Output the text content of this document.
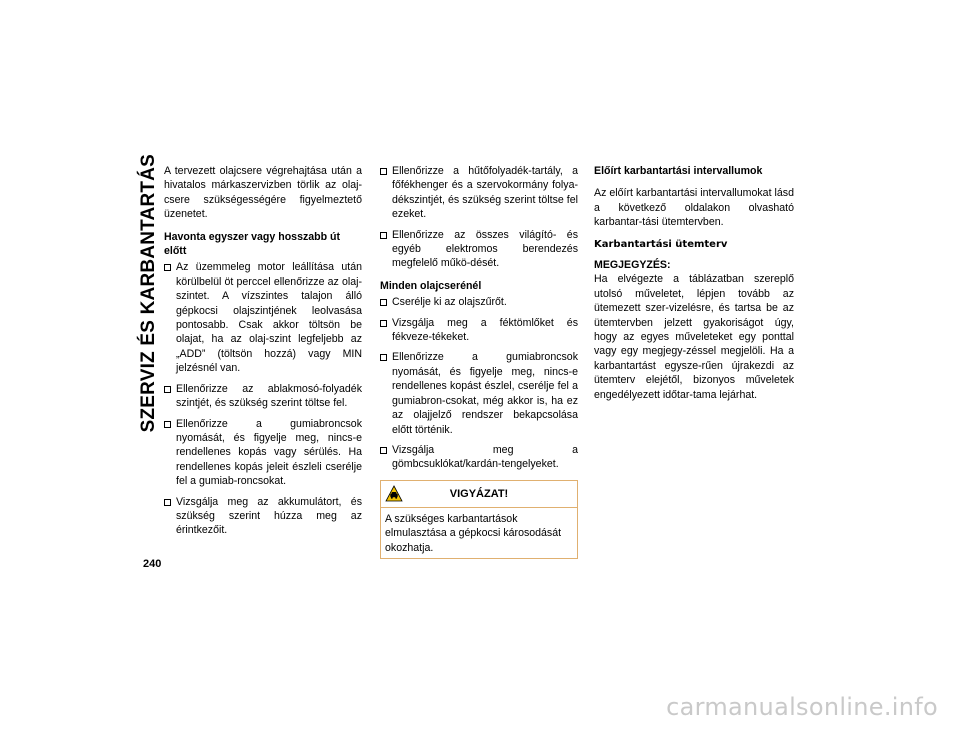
SZERVIZ ÉS KARBANTARTÁS
240

A tervezett olajcsere végrehajtása után a hivatalos márkaszervizben törlik az olaj-csere szükségességére figyelmeztető üzenetet.

Havonta egyszer vagy hosszabb út előtt
Az üzemmeleg motor leállítása után körülbelül öt perccel ellenőrizze az olaj-szintet. A vízszintes talajon álló gépkocsi olajszintjének leolvasása pontosabb. Csak akkor töltsön be olajat, ha az olaj-szint legfeljebb az „ADD” (töltsön hozzá) vagy MIN jelzésnél van.
Ellenőrizze az ablakmosó-folyadék szintjét, és szükség szerint töltse fel.
Ellenőrizze a gumiabroncsok nyomását, és figyelje meg, nincs-e rendellenes kopás vagy sérülés. Ha rendellenes kopás jeleit észleli cserélje fel a gumiab-roncsokat.
Vizsgálja meg az akkumulátort, és szükség szerint húzza meg az érintkezőit.
Ellenőrizze a hűtőfolyadék-tartály, a főfékhenger és a szervokormány folya-dékszintjét, és szükség szerint töltse fel ezeket.
Ellenőrizze az összes világító- és egyéb elektromos berendezés megfelelő műkö-dését.
Minden olajcserénél
Cserélje ki az olajszűrőt.
Vizsgálja meg a féktömlőket és fékveze-tékeket.
Ellenőrizze a gumiabroncsok nyomását, és figyelje meg, nincs-e rendellenes kopást észlel, cserélje fel a gumiabron-csokat, még akkor is, ha ez az olajjelző rendszer bekapcsolása előtt történik.
Vizsgálja meg a gömbcsuklókat/kardán-tengelyeket.
VIGYÁZAT!
A szükséges karbantartások elmulasztása a gépkocsi károsodását okozhatja.
Előírt karbantartási intervallumok

Az előírt karbantartási intervallumokat lásd a következő oldalakon olvasható karbantar-tási ütemtervben.

Karbantartási ütemterv
MEGJEGYZÉS:

Ha elvégezte a táblázatban szereplő utolsó műveletet, lépjen tovább az ütemezett szer-vizelésre, és tartsa be az ütemtervben jelzett gyakoriságot úgy, hogy az egyes műveleteket egy ponttal vagy egy megjegy-zéssel megjelöli. Ha a karbantartást egysze-rűen újrakezdi az ütemterv elejétől, bizonyos műveletek engedélyezett időtar-tama lejárhat.

carmanualsonline.info
